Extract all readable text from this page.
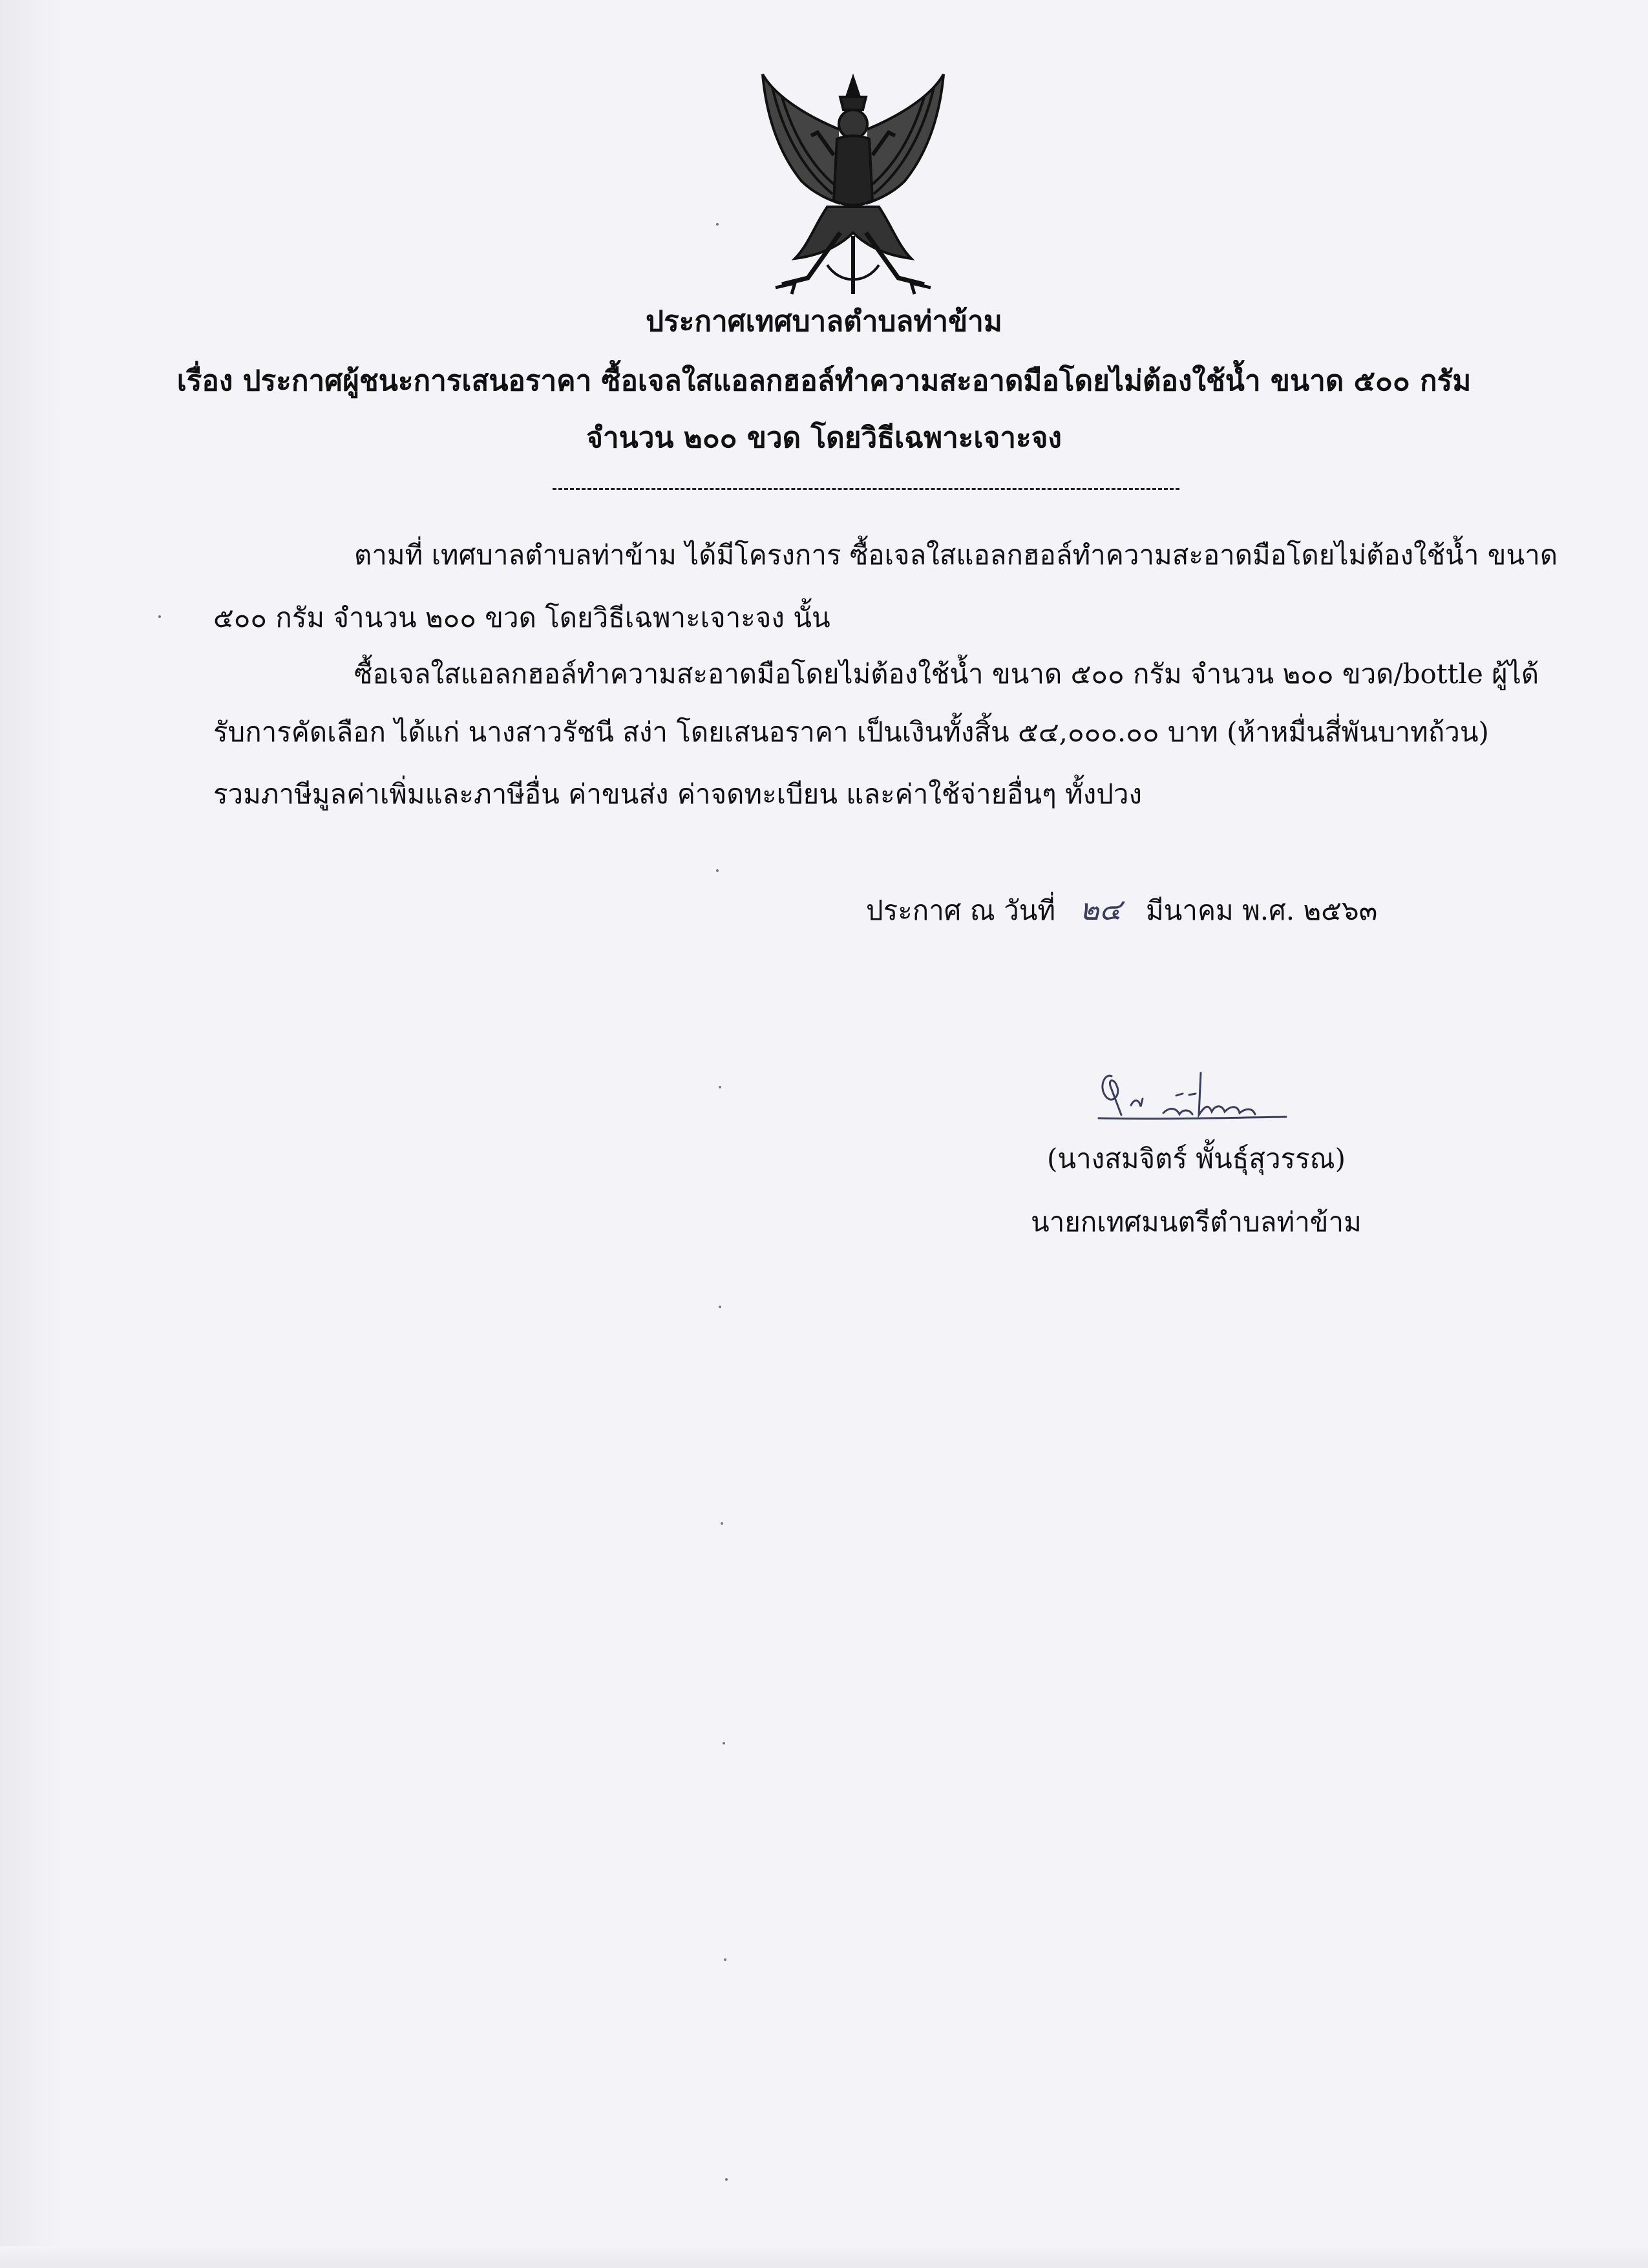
ประกาศเทศบาลตำบลท่าข้าม
เรื่อง ประกาศผู้ชนะการเสนอราคา ซื้อเจลใสแอลกฮอล์ทำความสะอาดมือโดยไม่ต้องใช้น้ำ ขนาด ๕๐๐ กรัม
จำนวน ๒๐๐ ขวด โดยวิธีเฉพาะเจาะจง
ตามที่ เทศบาลตำบลท่าข้าม ได้มีโครงการ ซื้อเจลใสแอลกฮอล์ทำความสะอาดมือโดยไม่ต้องใช้น้ำ ขนาด
๕๐๐ กรัม จำนวน ๒๐๐ ขวด โดยวิธีเฉพาะเจาะจง นั้น
ซื้อเจลใสแอลกฮอล์ทำความสะอาดมือโดยไม่ต้องใช้น้ำ ขนาด ๕๐๐ กรัม จำนวน ๒๐๐ ขวด/bottle ผู้ได้
รับการคัดเลือก ได้แก่ นางสาวรัชนี สง่า โดยเสนอราคา เป็นเงินทั้งสิ้น ๕๔,๐๐๐.๐๐ บาท (ห้าหมื่นสี่พันบาทถ้วน)
รวมภาษีมูลค่าเพิ่มและภาษีอื่น ค่าขนส่ง ค่าจดทะเบียน และค่าใช้จ่ายอื่นๆ ทั้งปวง
ประกาศ ณ วันที่ ๒๔ มีนาคม พ.ศ. ๒๕๖๓
(นางสมจิตร์ พั้นธุ์สุวรรณ)
นายกเทศมนตรีตำบลท่าข้าม
